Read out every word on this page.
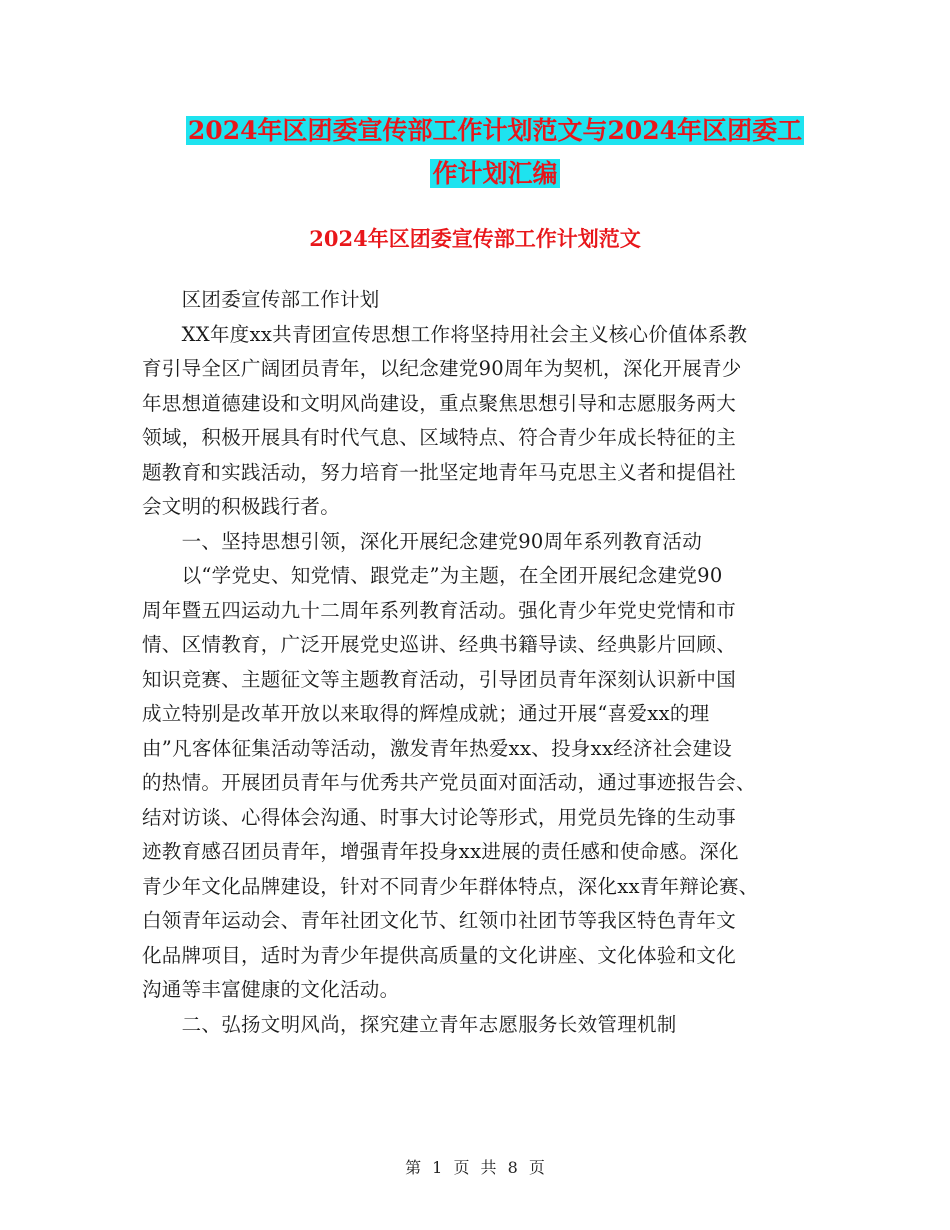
2024年区团委宣传部工作计划范文与2024年区团委工
作计划汇编
2024年区团委宣传部工作计划范文
　　区团委宣传部工作计划
　　XX年度xx共青团宣传思想工作将坚持用社会主义核心价值体系教
育引导全区广阔团员青年，以纪念建党90周年为契机，深化开展青少
年思想道德建设和文明风尚建设，重点聚焦思想引导和志愿服务两大
领域，积极开展具有时代气息、区域特点、符合青少年成长特征的主
题教育和实践活动，努力培育一批坚定地青年马克思主义者和提倡社
会文明的积极践行者。
　　一、坚持思想引领，深化开展纪念建党90周年系列教育活动
　　以“学党史、知党情、跟党走”为主题，在全团开展纪念建党90
周年暨五四运动九十二周年系列教育活动。强化青少年党史党情和市
情、区情教育，广泛开展党史巡讲、经典书籍导读、经典影片回顾、
知识竞赛、主题征文等主题教育活动，引导团员青年深刻认识新中国
成立特别是改革开放以来取得的辉煌成就；通过开展“喜爱xx的理
由”凡客体征集活动等活动，激发青年热爱xx、投身xx经济社会建设
的热情。开展团员青年与优秀共产党员面对面活动，通过事迹报告会、
结对访谈、心得体会沟通、时事大讨论等形式，用党员先锋的生动事
迹教育感召团员青年，增强青年投身xx进展的责任感和使命感。深化
青少年文化品牌建设，针对不同青少年群体特点，深化xx青年辩论赛、
白领青年运动会、青年社团文化节、红领巾社团节等我区特色青年文
化品牌项目，适时为青少年提供高质量的文化讲座、文化体验和文化
沟通等丰富健康的文化活动。
　　二、弘扬文明风尚，探究建立青年志愿服务长效管理机制
第 1 页 共 8 页
